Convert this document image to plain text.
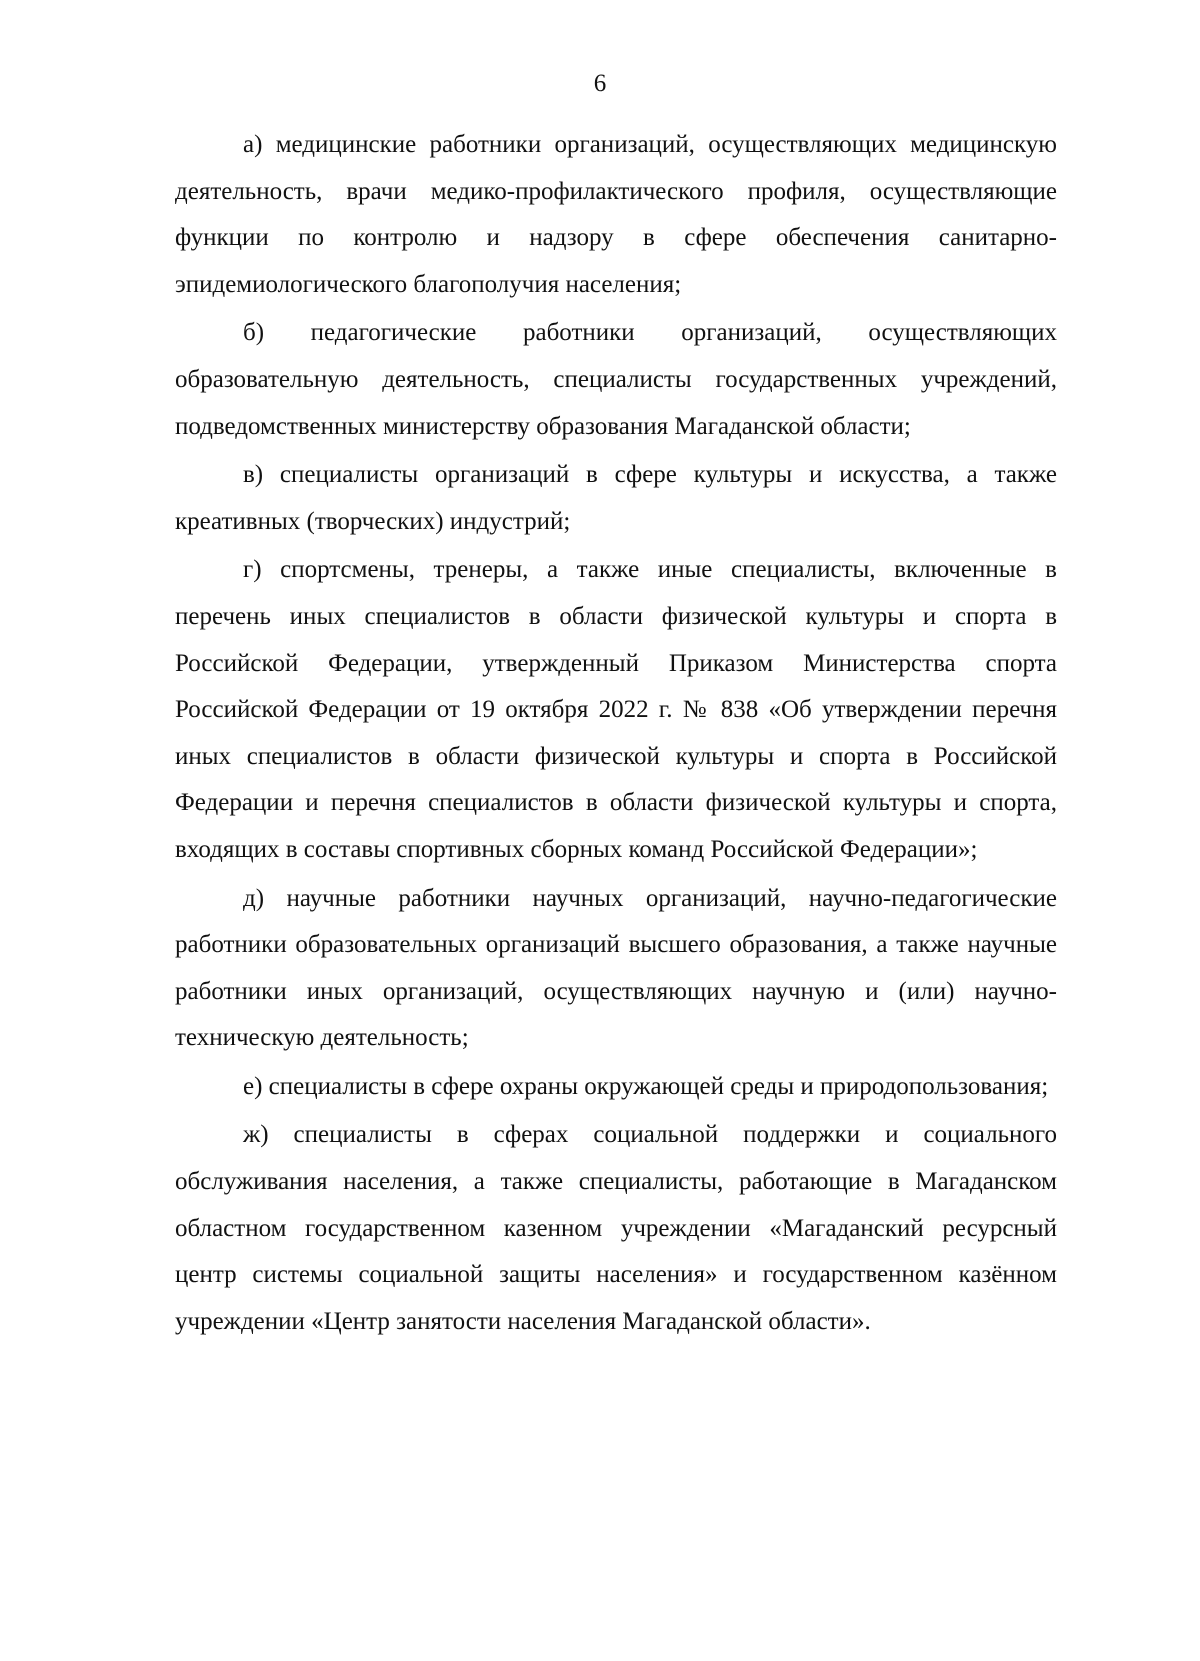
6

а) медицинские работники организаций, осуществляющих медицинскую деятельность, врачи медико-профилактического профиля, осуществляющие функции по контролю и надзору в сфере обеспечения санитарно-эпидемиологического благополучия населения;

б) педагогические работники организаций, осуществляющих образовательную деятельность, специалисты государственных учреждений, подведомственных министерству образования Магаданской области;

в) специалисты организаций в сфере культуры и искусства, а также креативных (творческих) индустрий;

г) спортсмены, тренеры, а также иные специалисты, включенные в перечень иных специалистов в области физической культуры и спорта в Российской Федерации, утвержденный Приказом Министерства спорта Российской Федерации от 19 октября 2022 г. № 838 «Об утверждении перечня иных специалистов в области физической культуры и спорта в Российской Федерации и перечня специалистов в области физической культуры и спорта, входящих в составы спортивных сборных команд Российской Федерации»;

д) научные работники научных организаций, научно-педагогические работники образовательных организаций высшего образования, а также научные работники иных организаций, осуществляющих научную и (или) научно-техническую деятельность;

е) специалисты в сфере охраны окружающей среды и природопользования;

ж) специалисты в сферах социальной поддержки и социального обслуживания населения, а также специалисты, работающие в Магаданском областном государственном казенном учреждении «Магаданский ресурсный центр системы социальной защиты населения» и государственном казённом учреждении «Центр занятости населения Магаданской области».
